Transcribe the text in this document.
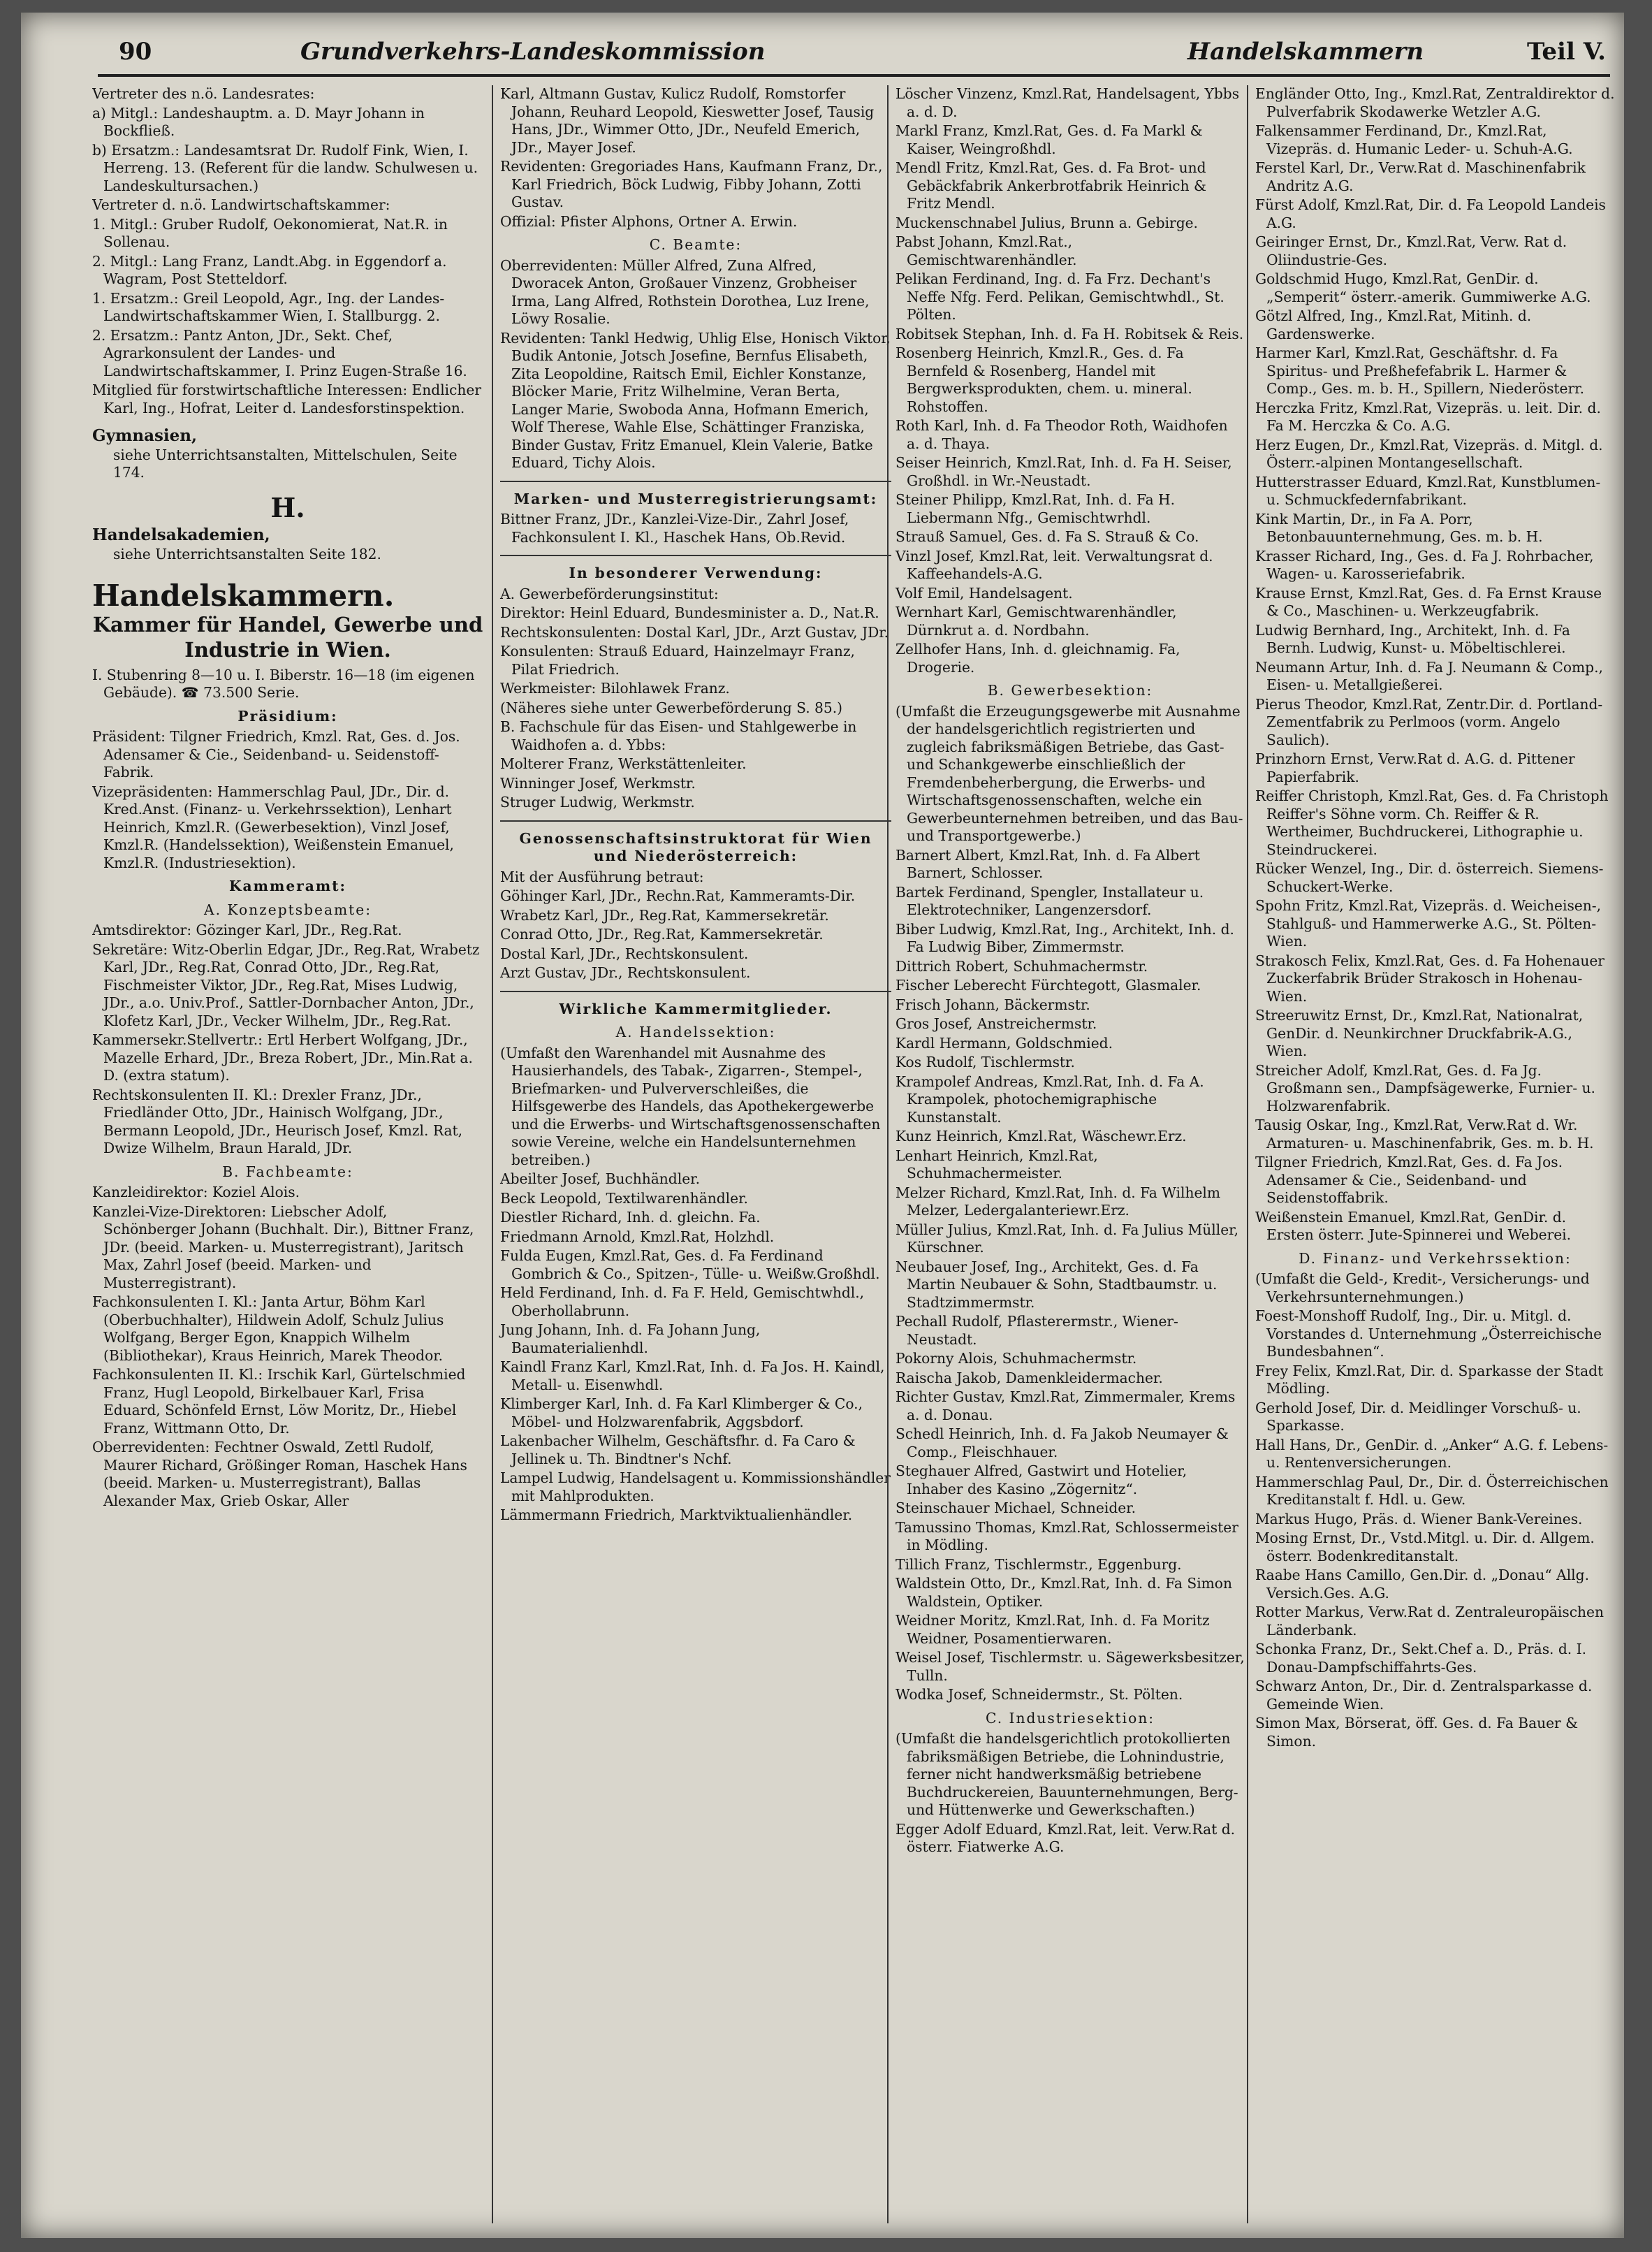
90	Grundverkehrs-Landeskommission	Handelskammern	Teil V.

Vertreter des n.ö. Landesrates:

a) Mitgl.: Landeshauptm. a. D. Mayr Johann in Bockfließ.

b) Ersatzm.: Landesamtsrat Dr. Rudolf Fink, Wien, I. Herreng. 13. (Referent für die landw. Schulwesen u. Landeskultursachen.)

Vertreter d. n.ö. Landwirtschaftskammer:

1. Mitgl.: Gruber Rudolf, Oekonomierat, Nat.R. in Sollenau.

2. Mitgl.: Lang Franz, Landt.Abg. in Eggendorf a. Wagram, Post Stetteldorf.

1. Ersatzm.: Greil Leopold, Agr., Ing. der Landes-Landwirtschaftskammer Wien, I. Stallburgg. 2.

2. Ersatzm.: Pantz Anton, JDr., Sekt. Chef, Agrarkonsulent der Landes- und Landwirtschaftskammer, I. Prinz Eugen-Straße 16.

Mitglied für forstwirtschaftliche Interessen: Endlicher Karl, Ing., Hofrat, Leiter d. Landesforstinspektion.

Gymnasien,

siehe Unterrichtsanstalten, Mittelschulen, Seite 174.

H.

Handelsakademien,

siehe Unterrichtsanstalten Seite 182.

Handelskammern.

Kammer für Handel, Gewerbe und Industrie in Wien.

I. Stubenring 8—10 u. I. Biberstr. 16—18 (im eigenen Gebäude). ☎ 73.500 Serie.

Präsidium:

Präsident: Tilgner Friedrich, Kmzl. Rat, Ges. d. Jos. Adensamer & Cie., Seidenband- u. Seidenstoff-Fabrik.

Vizepräsidenten: Hammerschlag Paul, JDr., Dir. d. Kred.Anst. (Finanz- u. Verkehrssektion), Lenhart Heinrich, Kmzl.R. (Gewerbesektion), Vinzl Josef, Kmzl.R. (Handelssektion), Weißenstein Emanuel, Kmzl.R. (Industriesektion).

Kammeramt:

A. Konzeptsbeamte:

Amtsdirektor: Gözinger Karl, JDr., Reg.Rat.

Sekretäre: Witz-Oberlin Edgar, JDr., Reg.Rat, Wrabetz Karl, JDr., Reg.Rat, Conrad Otto, JDr., Reg.Rat, Fischmeister Viktor, JDr., Reg.Rat, Mises Ludwig, JDr., a.o. Univ.Prof., Sattler-Dornbacher Anton, JDr., Klofetz Karl, JDr., Vecker Wilhelm, JDr., Reg.Rat.

Kammersekr.Stellvertr.: Ertl Herbert Wolfgang, JDr., Mazelle Erhard, JDr., Breza Robert, JDr., Min.Rat a. D. (extra statum).

Rechtskonsulenten II. Kl.: Drexler Franz, JDr., Friedländer Otto, JDr., Hainisch Wolfgang, JDr., Bermann Leopold, JDr., Heurisch Josef, Kmzl. Rat, Dwize Wilhelm, Braun Harald, JDr.

B. Fachbeamte:

Kanzleidirektor: Koziel Alois.

Kanzlei-Vize-Direktoren: Liebscher Adolf, Schönberger Johann (Buchhalt. Dir.), Bittner Franz, JDr. (beeid. Marken- u. Musterregistrant), Jaritsch Max, Zahrl Josef (beeid. Marken- und Musterregistrant).

Fachkonsulenten I. Kl.: Janta Artur, Böhm Karl (Oberbuchhalter), Hildwein Adolf, Schulz Julius Wolfgang, Berger Egon, Knappich Wilhelm (Bibliothekar), Kraus Heinrich, Marek Theodor.

Fachkonsulenten II. Kl.: Irschik Karl, Gürtelschmied Franz, Hugl Leopold, Birkelbauer Karl, Frisa Eduard, Schönfeld Ernst, Löw Moritz, Dr., Hiebel Franz, Wittmann Otto, Dr.

Oberrevidenten: Fechtner Oswald, Zettl Rudolf, Maurer Richard, Größinger Roman, Haschek Hans (beeid. Marken- u. Musterregistrant), Ballas Alexander Max, Grieb Oskar, Aller

Karl, Altmann Gustav, Kulicz Rudolf, Romstorfer Johann, Reuhard Leopold, Kieswetter Josef, Tausig Hans, JDr., Wimmer Otto, JDr., Neufeld Emerich, JDr., Mayer Josef.

Revidenten: Gregoriades Hans, Kaufmann Franz, Dr., Karl Friedrich, Böck Ludwig, Fibby Johann, Zotti Gustav.

Offizial: Pfister Alphons, Ortner A. Erwin.

C. Beamte:

Oberrevidenten: Müller Alfred, Zuna Alfred, Dworacek Anton, Großauer Vinzenz, Grobheiser Irma, Lang Alfred, Rothstein Dorothea, Luz Irene, Löwy Rosalie.

Revidenten: Tankl Hedwig, Uhlig Else, Honisch Viktor, Budik Antonie, Jotsch Josefine, Bernfus Elisabeth, Zita Leopoldine, Raitsch Emil, Eichler Konstanze, Blöcker Marie, Fritz Wilhelmine, Veran Berta, Langer Marie, Swoboda Anna, Hofmann Emerich, Wolf Therese, Wahle Else, Schättinger Franziska, Binder Gustav, Fritz Emanuel, Klein Valerie, Batke Eduard, Tichy Alois.

Marken- und Musterregistrierungsamt:

Bittner Franz, JDr., Kanzlei-Vize-Dir., Zahrl Josef, Fachkonsulent I. Kl., Haschek Hans, Ob.Revid.

In besonderer Verwendung:

A. Gewerbeförderungsinstitut:

Direktor: Heinl Eduard, Bundesminister a. D., Nat.R.

Rechtskonsulenten: Dostal Karl, JDr., Arzt Gustav, JDr.

Konsulenten: Strauß Eduard, Hainzelmayr Franz, Pilat Friedrich.

Werkmeister: Bilohlawek Franz.

(Näheres siehe unter Gewerbeförderung S. 85.)

B. Fachschule für das Eisen- und Stahlgewerbe in Waidhofen a. d. Ybbs:

Molterer Franz, Werkstättenleiter.

Winninger Josef, Werkmstr.

Struger Ludwig, Werkmstr.

Genossenschaftsinstruktorat für Wien und Niederösterreich:

Mit der Ausführung betraut:

Göhinger Karl, JDr., Rechn.Rat, Kammeramts-Dir.

Wrabetz Karl, JDr., Reg.Rat, Kammersekretär.

Conrad Otto, JDr., Reg.Rat, Kammersekretär.

Dostal Karl, JDr., Rechtskonsulent.

Arzt Gustav, JDr., Rechtskonsulent.

Wirkliche Kammermitglieder.

A. Handelssektion:

(Umfaßt den Warenhandel mit Ausnahme des Hausierhandels, des Tabak-, Zigarren-, Stempel-, Briefmarken- und Pulververschleißes, die Hilfsgewerbe des Handels, das Apothekergewerbe und die Erwerbs- und Wirtschaftsgenossenschaften sowie Vereine, welche ein Handelsunternehmen betreiben.)

Abeilter Josef, Buchhändler.

Beck Leopold, Textilwarenhändler.

Diestler Richard, Inh. d. gleichn. Fa.

Friedmann Arnold, Kmzl.Rat, Holzhdl.

Fulda Eugen, Kmzl.Rat, Ges. d. Fa Ferdinand Gombrich & Co., Spitzen-, Tülle- u. Weißw.Großhdl.

Held Ferdinand, Inh. d. Fa F. Held, Gemischtwhdl., Oberhollabrunn.

Jung Johann, Inh. d. Fa Johann Jung, Baumaterialienhdl.

Kaindl Franz Karl, Kmzl.Rat, Inh. d. Fa Jos. H. Kaindl, Metall- u. Eisenwhdl.

Klimberger Karl, Inh. d. Fa Karl Klimberger & Co., Möbel- und Holzwarenfabrik, Aggsbdorf.

Lakenbacher Wilhelm, Geschäftsfhr. d. Fa Caro & Jellinek u. Th. Bindtner's Nchf.

Lampel Ludwig, Handelsagent u. Kommissionshändler mit Mahlprodukten.

Lämmermann Friedrich, Marktviktualienhändler.

Löscher Vinzenz, Kmzl.Rat, Handelsagent, Ybbs a. d. D.

Markl Franz, Kmzl.Rat, Ges. d. Fa Markl & Kaiser, Weingroßhdl.

Mendl Fritz, Kmzl.Rat, Ges. d. Fa Brot- und Gebäckfabrik Ankerbrotfabrik Heinrich & Fritz Mendl.

Muckenschnabel Julius, Brunn a. Gebirge.

Pabst Johann, Kmzl.Rat., Gemischtwarenhändler.

Pelikan Ferdinand, Ing. d. Fa Frz. Dechant's Neffe Nfg. Ferd. Pelikan, Gemischtwhdl., St. Pölten.

Robitsek Stephan, Inh. d. Fa H. Robitsek & Reis.

Rosenberg Heinrich, Kmzl.R., Ges. d. Fa Bernfeld & Rosenberg, Handel mit Bergwerksprodukten, chem. u. mineral. Rohstoffen.

Roth Karl, Inh. d. Fa Theodor Roth, Waidhofen a. d. Thaya.

Seiser Heinrich, Kmzl.Rat, Inh. d. Fa H. Seiser, Großhdl. in Wr.-Neustadt.

Steiner Philipp, Kmzl.Rat, Inh. d. Fa H. Liebermann Nfg., Gemischtwrhdl.

Strauß Samuel, Ges. d. Fa S. Strauß & Co.

Vinzl Josef, Kmzl.Rat, leit. Verwaltungsrat d. Kaffeehandels-A.G.

Volf Emil, Handelsagent.

Wernhart Karl, Gemischtwarenhändler, Dürnkrut a. d. Nordbahn.

Zellhofer Hans, Inh. d. gleichnamig. Fa, Drogerie.

B. Gewerbesektion:

(Umfaßt die Erzeugungsgewerbe mit Ausnahme der handelsgerichtlich registrierten und zugleich fabriksmäßigen Betriebe, das Gast- und Schankgewerbe einschließlich der Fremdenbeherbergung, die Erwerbs- und Wirtschaftsgenossenschaften, welche ein Gewerbeunternehmen betreiben, und das Bau- und Transportgewerbe.)

Barnert Albert, Kmzl.Rat, Inh. d. Fa Albert Barnert, Schlosser.

Bartek Ferdinand, Spengler, Installateur u. Elektrotechniker, Langenzersdorf.

Biber Ludwig, Kmzl.Rat, Ing., Architekt, Inh. d. Fa Ludwig Biber, Zimmermstr.

Dittrich Robert, Schuhmachermstr.

Fischer Leberecht Fürchtegott, Glasmaler.

Frisch Johann, Bäckermstr.

Gros Josef, Anstreichermstr.

Kardl Hermann, Goldschmied.

Kos Rudolf, Tischlermstr.

Krampolef Andreas, Kmzl.Rat, Inh. d. Fa A. Krampolek, photochemigraphische Kunstanstalt.

Kunz Heinrich, Kmzl.Rat, Wäschewr.Erz.

Lenhart Heinrich, Kmzl.Rat, Schuhmachermeister.

Melzer Richard, Kmzl.Rat, Inh. d. Fa Wilhelm Melzer, Ledergalanteriewr.Erz.

Müller Julius, Kmzl.Rat, Inh. d. Fa Julius Müller, Kürschner.

Neubauer Josef, Ing., Architekt, Ges. d. Fa Martin Neubauer & Sohn, Stadtbaumstr. u. Stadtzimmermstr.

Pechall Rudolf, Pflasterermstr., Wiener-Neustadt.

Pokorny Alois, Schuhmachermstr.

Raischa Jakob, Damenkleidermacher.

Richter Gustav, Kmzl.Rat, Zimmermaler, Krems a. d. Donau.

Schedl Heinrich, Inh. d. Fa Jakob Neumayer & Comp., Fleischhauer.

Steghauer Alfred, Gastwirt und Hotelier, Inhaber des Kasino „Zögernitz“.

Steinschauer Michael, Schneider.

Tamussino Thomas, Kmzl.Rat, Schlossermeister in Mödling.

Tillich Franz, Tischlermstr., Eggenburg.

Waldstein Otto, Dr., Kmzl.Rat, Inh. d. Fa Simon Waldstein, Optiker.

Weidner Moritz, Kmzl.Rat, Inh. d. Fa Moritz Weidner, Posamentierwaren.

Weisel Josef, Tischlermstr. u. Sägewerksbesitzer, Tulln.

Wodka Josef, Schneidermstr., St. Pölten.

C. Industriesektion:

(Umfaßt die handelsgerichtlich protokollierten fabriksmäßigen Betriebe, die Lohnindustrie, ferner nicht handwerksmäßig betriebene Buchdruckereien, Bauunternehmungen, Berg- und Hüttenwerke und Gewerkschaften.)

Egger Adolf Eduard, Kmzl.Rat, leit. Verw.Rat d. österr. Fiatwerke A.G.

Engländer Otto, Ing., Kmzl.Rat, Zentraldirektor d. Pulverfabrik Skodawerke Wetzler A.G.

Falkensammer Ferdinand, Dr., Kmzl.Rat, Vizepräs. d. Humanic Leder- u. Schuh-A.G.

Ferstel Karl, Dr., Verw.Rat d. Maschinenfabrik Andritz A.G.

Fürst Adolf, Kmzl.Rat, Dir. d. Fa Leopold Landeis A.G.

Geiringer Ernst, Dr., Kmzl.Rat, Verw. Rat d. Oliindustrie-Ges.

Goldschmid Hugo, Kmzl.Rat, GenDir. d. „Semperit“ österr.-amerik. Gummiwerke A.G.

Götzl Alfred, Ing., Kmzl.Rat, Mitinh. d. Gardenswerke.

Harmer Karl, Kmzl.Rat, Geschäftshr. d. Fa Spiritus- und Preßhefefabrik L. Harmer & Comp., Ges. m. b. H., Spillern, Niederösterr.

Herczka Fritz, Kmzl.Rat, Vizepräs. u. leit. Dir. d. Fa M. Herczka & Co. A.G.

Herz Eugen, Dr., Kmzl.Rat, Vizepräs. d. Mitgl. d. Österr.-alpinen Montangesellschaft.

Hutterstrasser Eduard, Kmzl.Rat, Kunstblumen- u. Schmuckfedernfabrikant.

Kink Martin, Dr., in Fa A. Porr, Betonbauunternehmung, Ges. m. b. H.

Krasser Richard, Ing., Ges. d. Fa J. Rohrbacher, Wagen- u. Karosseriefabrik.

Krause Ernst, Kmzl.Rat, Ges. d. Fa Ernst Krause & Co., Maschinen- u. Werkzeugfabrik.

Ludwig Bernhard, Ing., Architekt, Inh. d. Fa Bernh. Ludwig, Kunst- u. Möbeltischlerei.

Neumann Artur, Inh. d. Fa J. Neumann & Comp., Eisen- u. Metallgießerei.

Pierus Theodor, Kmzl.Rat, Zentr.Dir. d. Portland-Zementfabrik zu Perlmoos (vorm. Angelo Saulich).

Prinzhorn Ernst, Verw.Rat d. A.G. d. Pittener Papierfabrik.

Reiffer Christoph, Kmzl.Rat, Ges. d. Fa Christoph Reiffer's Söhne vorm. Ch. Reiffer & R. Wertheimer, Buchdruckerei, Lithographie u. Steindruckerei.

Rücker Wenzel, Ing., Dir. d. österreich. Siemens-Schuckert-Werke.

Spohn Fritz, Kmzl.Rat, Vizepräs. d. Weicheisen-, Stahlguß- und Hammerwerke A.G., St. Pölten-Wien.

Strakosch Felix, Kmzl.Rat, Ges. d. Fa Hohenauer Zuckerfabrik Brüder Strakosch in Hohenau-Wien.

Streeruwitz Ernst, Dr., Kmzl.Rat, Nationalrat, GenDir. d. Neunkirchner Druckfabrik-A.G., Wien.

Streicher Adolf, Kmzl.Rat, Ges. d. Fa Jg. Großmann sen., Dampfsägewerke, Furnier- u. Holzwarenfabrik.

Tausig Oskar, Ing., Kmzl.Rat, Verw.Rat d. Wr. Armaturen- u. Maschinenfabrik, Ges. m. b. H.

Tilgner Friedrich, Kmzl.Rat, Ges. d. Fa Jos. Adensamer & Cie., Seidenband- und Seidenstoffabrik.

Weißenstein Emanuel, Kmzl.Rat, GenDir. d. Ersten österr. Jute-Spinnerei und Weberei.

D. Finanz- und Verkehrssektion:

(Umfaßt die Geld-, Kredit-, Versicherungs- und Verkehrsunternehmungen.)

Foest-Monshoff Rudolf, Ing., Dir. u. Mitgl. d. Vorstandes d. Unternehmung „Österreichische Bundesbahnen“.

Frey Felix, Kmzl.Rat, Dir. d. Sparkasse der Stadt Mödling.

Gerhold Josef, Dir. d. Meidlinger Vorschuß- u. Sparkasse.

Hall Hans, Dr., GenDir. d. „Anker“ A.G. f. Lebens- u. Rentenversicherungen.

Hammerschlag Paul, Dr., Dir. d. Österreichischen Kreditanstalt f. Hdl. u. Gew.

Markus Hugo, Präs. d. Wiener Bank-Vereines.

Mosing Ernst, Dr., Vstd.Mitgl. u. Dir. d. Allgem. österr. Bodenkreditanstalt.

Raabe Hans Camillo, Gen.Dir. d. „Donau“ Allg. Versich.Ges. A.G.

Rotter Markus, Verw.Rat d. Zentraleuropäischen Länderbank.

Schonka Franz, Dr., Sekt.Chef a. D., Präs. d. I. Donau-Dampfschiffahrts-Ges.

Schwarz Anton, Dr., Dir. d. Zentralsparkasse d. Gemeinde Wien.

Simon Max, Börserat, öff. Ges. d. Fa Bauer & Simon.
